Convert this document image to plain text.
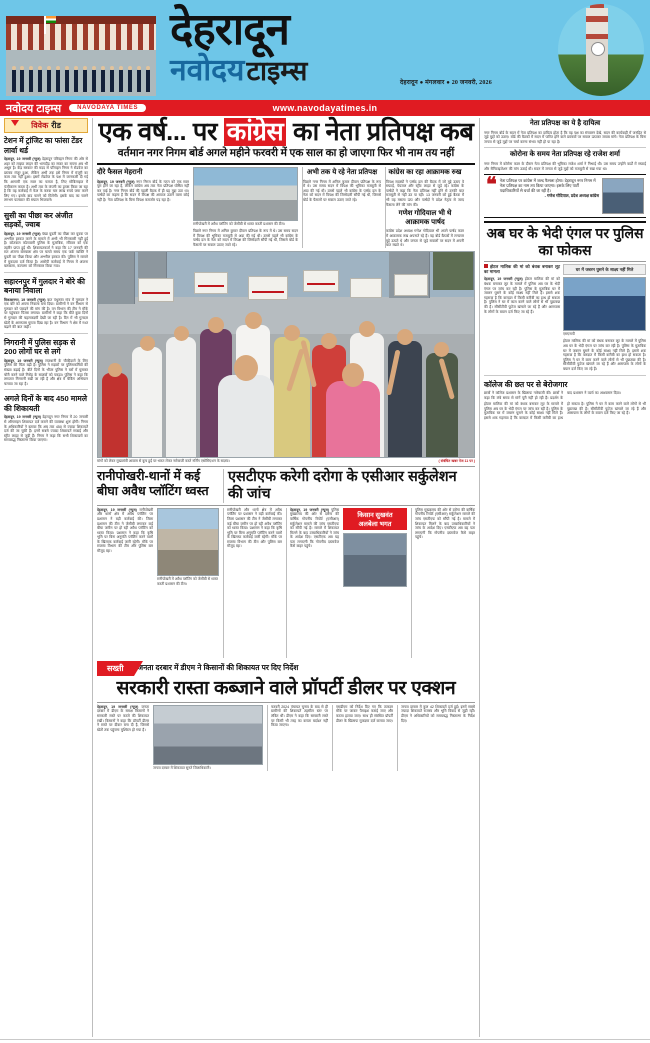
देहरादून
नवोदय टाइम्स	देहरादून ● मंगलवार ● 20 जनवरी, 2026
नवोदय टाइम्स	NAVODAYA TIMES	www.navodayatimes.in
विवेक रीड
टेशन में ट्रांजिट का फांसा टेंडर लार्वा थर्ड
देहरादून, 19 जनवरी (न्यूज) देहरादून परिवहन निगम की ओर से शहर को लाइफ लाइन की भागदौड़ का सफर का सपना अब भी अधूरा है। केंद्र सरकार की मदद से परिवहन निगम ने रोडवेज का प्रस्ताव मंजूर हुआ, लेकिन अभी तक इसे निगम में मंजूरी का काम तक नहीं हुआ। इसमें रोडवेज के पक्ष में जानकारी दी गई कि आगामी एक साल का चलता है, लिए मोबिलाइज में पंजीकरण करता है। अभी तक के कंपनी का ड्राफ्ट किया जा रहा है कि वह कार्रवाई में फेल के करवा चार लाख रुपये जमा करने लिए गए। इसके बाद चलने को मिलेगी। इसके बाद का चलने लगभग फलकार की सफल भिजवाने।
सुसी का पीछा कर अंजीत सड़कों, ज्वाब
देहरादून, 19 जनवरी (न्यूज) पंखा युवती का पीछा कर युवक पर अश्लील हरकत करने के मामले में अभी भी गिरफ्तारी नहीं हुई है। कोतवाल कोतवाली पुलिस के मुताबिक, रविवार को एक तहरीर प्राप्त हुई थी। शिकायतकर्ता ने कहा कि 17 जनवरी की रात अंजना बलबाला क्षेत्र पर चलते समय एक फर्क व्यक्ति ने युवती का पीछा किया और अश्लील हरकत की। पुलिस ने मामले में मुकदमा दर्ज किया है। आरोपी कार्रवाई में निगम में अंजना बलबाला, कल्याण को गिरफ्तार किया गया।
सहारनपुर में गुलदार ने बोरे की बनाया निवाला
विकासनगर, 19 जनवरी (न्यूज) बात पंथुरुस्त गांव में गुलदार ने एक बोरे को अपना निवाला बना दिया। ग्रामीणों ने वन विभाग से गुलदार को पकड़ने की मांग की है। वन विभाग की टीम ने मौके पर पहुंचकर पिंजरा लगाया। ग्रामीणों ने कहा कि बीते कुछ दिनों से गुलदार की चहलकदमी देखी जा रही है। दिन में भी गुलदार खेतों के आसपास घूमता दिख रहा है। वन विभाग ने क्षेत्र में गश्त बढ़ाने की बात कही।
निगरानी में पुलिस सड़क से 200 लोगों घर से लगे
देहरादून, 19 जनवरी (न्यूज) राजधानी के चौकीदारों के लिए पुलिस की चिंता बढ़ी है। पुलिस ने सड़कों पर पुलिसकर्मियों की संख्या बढ़ाई है। बीते दिनों के भीतर पुलिस ने घरों में घुसकर चोरी करने वाले गिरोह के सदस्यों को पकड़ा। पुलिस ने कहा कि लगातार निगरानी रखी जा रही है और क्षेत्र में चेकिंग अभियान चलाया जा रहा है।
अगले दिनों के बाद 450 मामले की शिकायती
देहरादून, 19 जनवरी (न्यूज) देहरादून नगर निगम में 20 जनवरी से ऑनलाइन शिकायत दर्ज कराने की व्यवस्था शुरू होगी। निगम के अधिकारियों ने बताया कि अब तक 450 से ज्यादा शिकायतें दर्ज की जा चुकी हैं। इनमें सबसे ज्यादा शिकायतें सफाई और स्ट्रीट लाइट से जुड़ी हैं। निगम ने कहा कि सभी शिकायतों का समयबद्ध निस्तारण किया जाएगा।
एक वर्ष... पर कांग्रेस का नेता प्रतिपक्ष कब
वर्तमान नगर निगम बोर्ड अगले महीने फरवरी में एक साल का हो जाएगा फिर भी नाम तय नहीं
दौरे फैसल मेहरानी
देहरादून, 19 जनवरी (न्यूज) नगर निगम बोर्ड के गठन को एक साल पूरा होने जा रहा है, लेकिन कांग्रेस अब तक नेता प्रतिपक्ष घोषित नहीं कर पाई है। नगर निगम बोर्ड की पहली बैठक में ही यह मुद्दा उठा था। पार्षदों का कहना है कि सदन में विपक्ष की आवाज उठाने वाला कोई नहीं है। नेता प्रतिपक्ष के बिना विपक्ष कमजोर पड़ रहा है।
रानीपोखरी में अवैध प्लॉटिंग को जेसीबी से ध्वस्त करती प्रशासन की टीम।
पिछले नगर निगम में अनिल कुमार दीवान प्रतिपक्ष के रूप में थे। उस समय सदन में विपक्ष की भूमिका मजबूती से अदा की गई थी। उससे पहले भी कांग्रेस के पार्षद दल के नेता को सदन में विपक्ष की जिम्मेदारी सौंपी गई थी, जिससे बोर्ड के फैसलों पर सवाल उठाए जाते रहे।
अभी तक ये रहे नेता प्रतिपक्ष
पिछले नगर निगम में अनिल कुमार दीवान प्रतिपक्ष के रूप में थे। उस समय सदन में विपक्ष की भूमिका मजबूती से अदा की गई थी। उससे पहले भी कांग्रेस के पार्षद दल के नेता को सदन में विपक्ष की जिम्मेदारी सौंपी गई थी, जिससे बोर्ड के फैसलों पर सवाल उठाए जाते रहे।
कांग्रेस का रहा आक्रामक रुख
विपक्ष सदस्यों ने पार्षद दल की बैठक में जो मुद्दे उठाए वे सफाई, पेयजल और स्ट्रीट लाइट से जुड़े रहे। कांग्रेस के पार्षदों ने कहा कि नेता प्रतिपक्ष नहीं होने से उनकी बात मजबूती से नहीं उठ पा रही। 13 जनवरी को हुई बैठक में भी यह मसला उठा और पार्षदों ने प्रदेश नेतृत्व से जल्द फैसला लेने की मांग की।
गणेश गोदियाल भी थे आक्रामक पार्षद
कांग्रेस प्रदेश अध्यक्ष गणेश गोदियाल भी अपने पार्षद काल में आक्रामक रुख अपनाते रहे हैं। वह बोर्ड बैठकों में लगातार मुद्दे उठाते थे और जनता से जुड़े सवालों पर सदन में अपनी बात रखते थे।
मांगों को लेकर मुख्यमंत्री आवास से कूच हुईं पर भारत लेकर नारेबाजी करते नर्सिंग एसोसिएशन के सदस्य।	( संबंधित खबर पेज 11 पर )
रानीपोखरी-थानों में कई बीघा अवैध प्लॉटिंग ध्वस्त
एसटीएफ करेगी दरोगा के एसीआर सर्कुलेशन की जांच
देहरादून, 19 जनवरी (न्यूज) रानीपोखरी और थानों क्षेत्र में अवैध प्लॉटिंग पर प्रशासन ने बड़ी कार्रवाई की। जिला प्रशासन की टीम ने जेसीबी लगाकर कई बीघा जमीन पर हो रही अवैध प्लॉटिंग को ध्वस्त किया। प्रशासन ने कहा कि कृषि भूमि पर बिना अनुमति प्लॉटिंग करने वालों के खिलाफ कार्रवाई जारी रहेगी। मौके पर राजस्व विभाग की टीम और पुलिस बल मौजूद रहा।
रानीपोखरी में अवैध प्लॉटिंग को जेसीबी से ध्वस्त करती प्रशासन की टीम।
रानीपोखरी और थानों क्षेत्र में अवैध प्लॉटिंग पर प्रशासन ने बड़ी कार्रवाई की। जिला प्रशासन की टीम ने जेसीबी लगाकर कई बीघा जमीन पर हो रही अवैध प्लॉटिंग को ध्वस्त किया। प्रशासन ने कहा कि कृषि भूमि पर बिना अनुमति प्लॉटिंग करने वालों के खिलाफ कार्रवाई जारी रहेगी। मौके पर राजस्व विभाग की टीम और पुलिस बल मौजूद रहा।
देहरादून, 19 जनवरी (न्यूज) पुलिस मुख्यालय की ओर से दरोगा की वार्षिक गोपनीय रिपोर्ट (एसीआर) सर्कुलेशन मामले की जांच एसटीएफ को सौंपी गई है। मामले में शिकायत मिलने के बाद उच्चाधिकारियों ने जांच के आदेश दिए। एसटीएफ अब यह पता लगाएगी कि गोपनीय दस्तावेज कैसे बाहर पहुंचे।
किसान सुखवंत अलबेला भगत
पुलिस मुख्यालय की ओर से दरोगा की वार्षिक गोपनीय रिपोर्ट (एसीआर) सर्कुलेशन मामले की जांच एसटीएफ को सौंपी गई है। मामले में शिकायत मिलने के बाद उच्चाधिकारियों ने जांच के आदेश दिए। एसटीएफ अब यह पता लगाएगी कि गोपनीय दस्तावेज कैसे बाहर पहुंचे।
सख्ती	जनता दरबार में डीएम ने किसानों की शिकायत पर दिए निर्देश
सरकारी रास्ता कब्जाने वाले प्रॉपर्टी डीलर पर एक्शन
देहरादून, 19 जनवरी (न्यूज) जनता दरबार में डीएम के समक्ष किसानों ने सरकारी रास्ते पर कब्जे की शिकायत रखी। किसानों ने कहा कि प्रॉपर्टी डीलर ने रास्ते पर दीवार बना दी है, जिससे खेतों तक पहुंचना मुश्किल हो गया है।
जनता दरबार में शिकायत सुनते जिलाधिकारी।
फरवरी 2024 पंचायत चुनाव के बाद से ही ग्रामीणों की शिकायतें तहसील स्तर पर लंबित थीं। डीएम ने कहा कि सरकारी रास्ते पर किसी भी तरह का कब्जा बर्दाश्त नहीं किया जाएगा।
एसडीएम को निर्देश दिए गए कि तत्काल मौके पर जाकर पैमाइश कराई जाए और कब्जा हटाया जाए। साथ ही संबंधित प्रॉपर्टी डीलर के खिलाफ मुकदमा दर्ज कराया जाए।
जनता दरबार में कुल 42 शिकायतें दर्ज हुईं। इनमें सबसे ज्यादा शिकायतें राजस्व और भूमि विवाद से जुड़ी रहीं। डीएम ने अधिकारियों को समयबद्ध निस्तारण के निर्देश दिए।
नेता प्रतिपक्ष का ये है दायित्व
नगर निगम बोर्ड के सदन में नेता प्रतिपक्ष का दायित्व होता है कि वह पक्ष का संचालन देखे, सदन की कार्यवाही में जनहित से जुड़े मुद्दों को उठाए। बोर्ड की बैठकों में सदन में पारित होने वाले प्रस्तावों पर सवाल उठाकर जवाब मांगे। नेता प्रतिपक्ष के बिना जनता से जुड़े मुद्दों पर चर्चा करना संभव नहीं हो पा रहा है।
कोरोना के समय नेता प्रतिपक्ष रहे राजेश शर्मा
नगर निगम में कोरोना काल के दौरान नेता प्रतिपक्ष की भूमिका राजेश शर्मा ने निभाई थी। उस समय उन्होंने वार्डों में सफाई और सैनिटाइजेशन की मांग उठाई थी। सदन में जनता से जुड़े मुद्दों को मजबूती से रखा गया था।
❝ नेता प्रतिपक्ष पर कांग्रेस में जल्द फैसला होगा। देहरादून नगर निगम में नेता प्रतिपक्ष का नाम तय किया जाएगा। इसके लिए पार्टी पदाधिकारियों से चर्चा की जा रही है।
- गणेश गोदियाल, प्रदेश अध्यक्ष कांग्रेस
अब घर के भेदी एंगल पर पुलिस का फोकस
होटल मालिक की मां को बंधक बनाकर लूट का मामला	घर में जबरन घुसने के साक्ष्य नहीं मिले
देहरादून, 19 जनवरी (न्यूज) होटल मालिक की मां को बंधक बनाकर लूट के मामले में पुलिस अब घर के भेदी एंगल पर जांच कर रही है। पुलिस के मुताबिक घर में जबरन घुसने के कोई साक्ष्य नहीं मिले हैं। इससे शक गहराया है कि वारदात में किसी करीबी का हाथ हो सकता है। पुलिस ने घर में काम करने वाले लोगों से भी पूछताछ की है। सीसीटीवी फुटेज खंगाले जा रहे हैं और आसपास के लोगों के बयान दर्ज किए जा रहे हैं।
एसएसपी
होटल मालिक की मां को बंधक बनाकर लूट के मामले में पुलिस अब घर के भेदी एंगल पर जांच कर रही है। पुलिस के मुताबिक घर में जबरन घुसने के कोई साक्ष्य नहीं मिले हैं। इससे शक गहराया है कि वारदात में किसी करीबी का हाथ हो सकता है। पुलिस ने घर में काम करने वाले लोगों से भी पूछताछ की है। सीसीटीवी फुटेज खंगाले जा रहे हैं और आसपास के लोगों के बयान दर्ज किए जा रहे हैं।
कॉलेज की छत पर से बेरोजगार
छात्रों ने कॉलेज प्रशासन के खिलाफ नारेबाजी की। छात्रों ने कहा कि लंबे समय से मांगें पूरी नहीं हो रही हैं। प्रदर्शन के बाद प्रशासन ने वार्ता का आश्वासन दिया।
होटल मालिक की मां को बंधक बनाकर लूट के मामले में पुलिस अब घर के भेदी एंगल पर जांच कर रही है। पुलिस के मुताबिक घर में जबरन घुसने के कोई साक्ष्य नहीं मिले हैं। इससे शक गहराया है कि वारदात में किसी करीबी का हाथ हो सकता है। पुलिस ने घर में काम करने वाले लोगों से भी पूछताछ की है। सीसीटीवी फुटेज खंगाले जा रहे हैं और आसपास के लोगों के बयान दर्ज किए जा रहे हैं।
